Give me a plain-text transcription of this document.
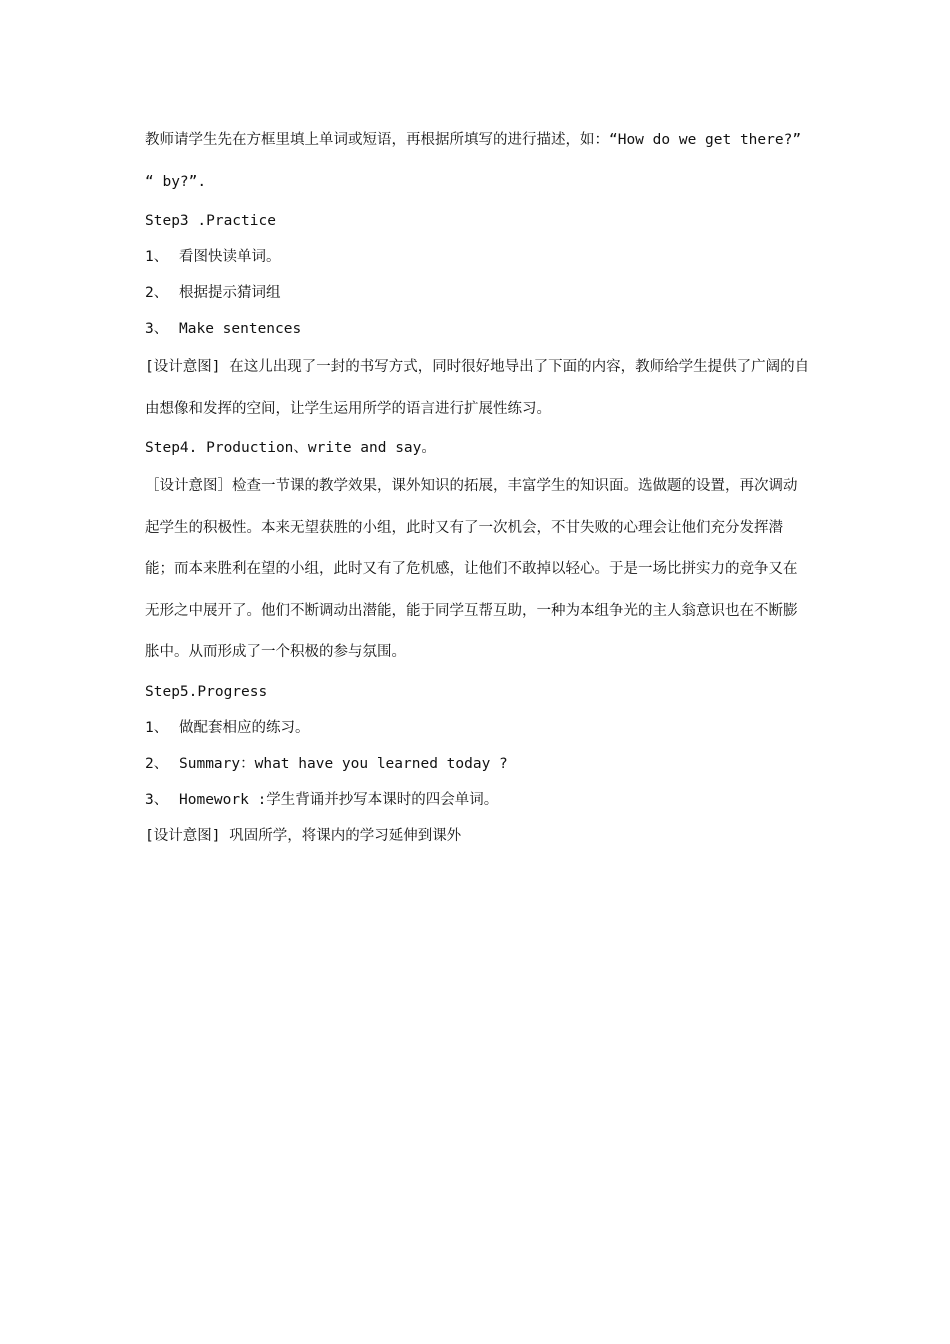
教师请学生先在方框里填上单词或短语，再根据所填写的进行描述，如：“How do we get there?” “ by?”.
Step3 .Practice
1、 看图快读单词。
2、 根据提示猜词组
3、 Make sentences
[设计意图] 在这儿出现了一封的书写方式，同时很好地导出了下面的内容，教师给学生提供了广阔的自由想像和发挥的空间，让学生运用所学的语言进行扩展性练习。
Step4. Production、write and say。
［设计意图］检查一节课的教学效果，课外知识的拓展，丰富学生的知识面。选做题的设置，再次调动起学生的积极性。本来无望获胜的小组，此时又有了一次机会，不甘失败的心理会让他们充分发挥潜能；而本来胜利在望的小组，此时又有了危机感，让他们不敢掉以轻心。于是一场比拼实力的竞争又在无形之中展开了。他们不断调动出潜能，能于同学互帮互助，一种为本组争光的主人翁意识也在不断膨胀中。从而形成了一个积极的参与氛围。
Step5.Progress
1、 做配套相应的练习。
2、 Summary：what have you learned today ?
3、 Homework :学生背诵并抄写本课时的四会单词。
[设计意图] 巩固所学，将课内的学习延伸到课外
